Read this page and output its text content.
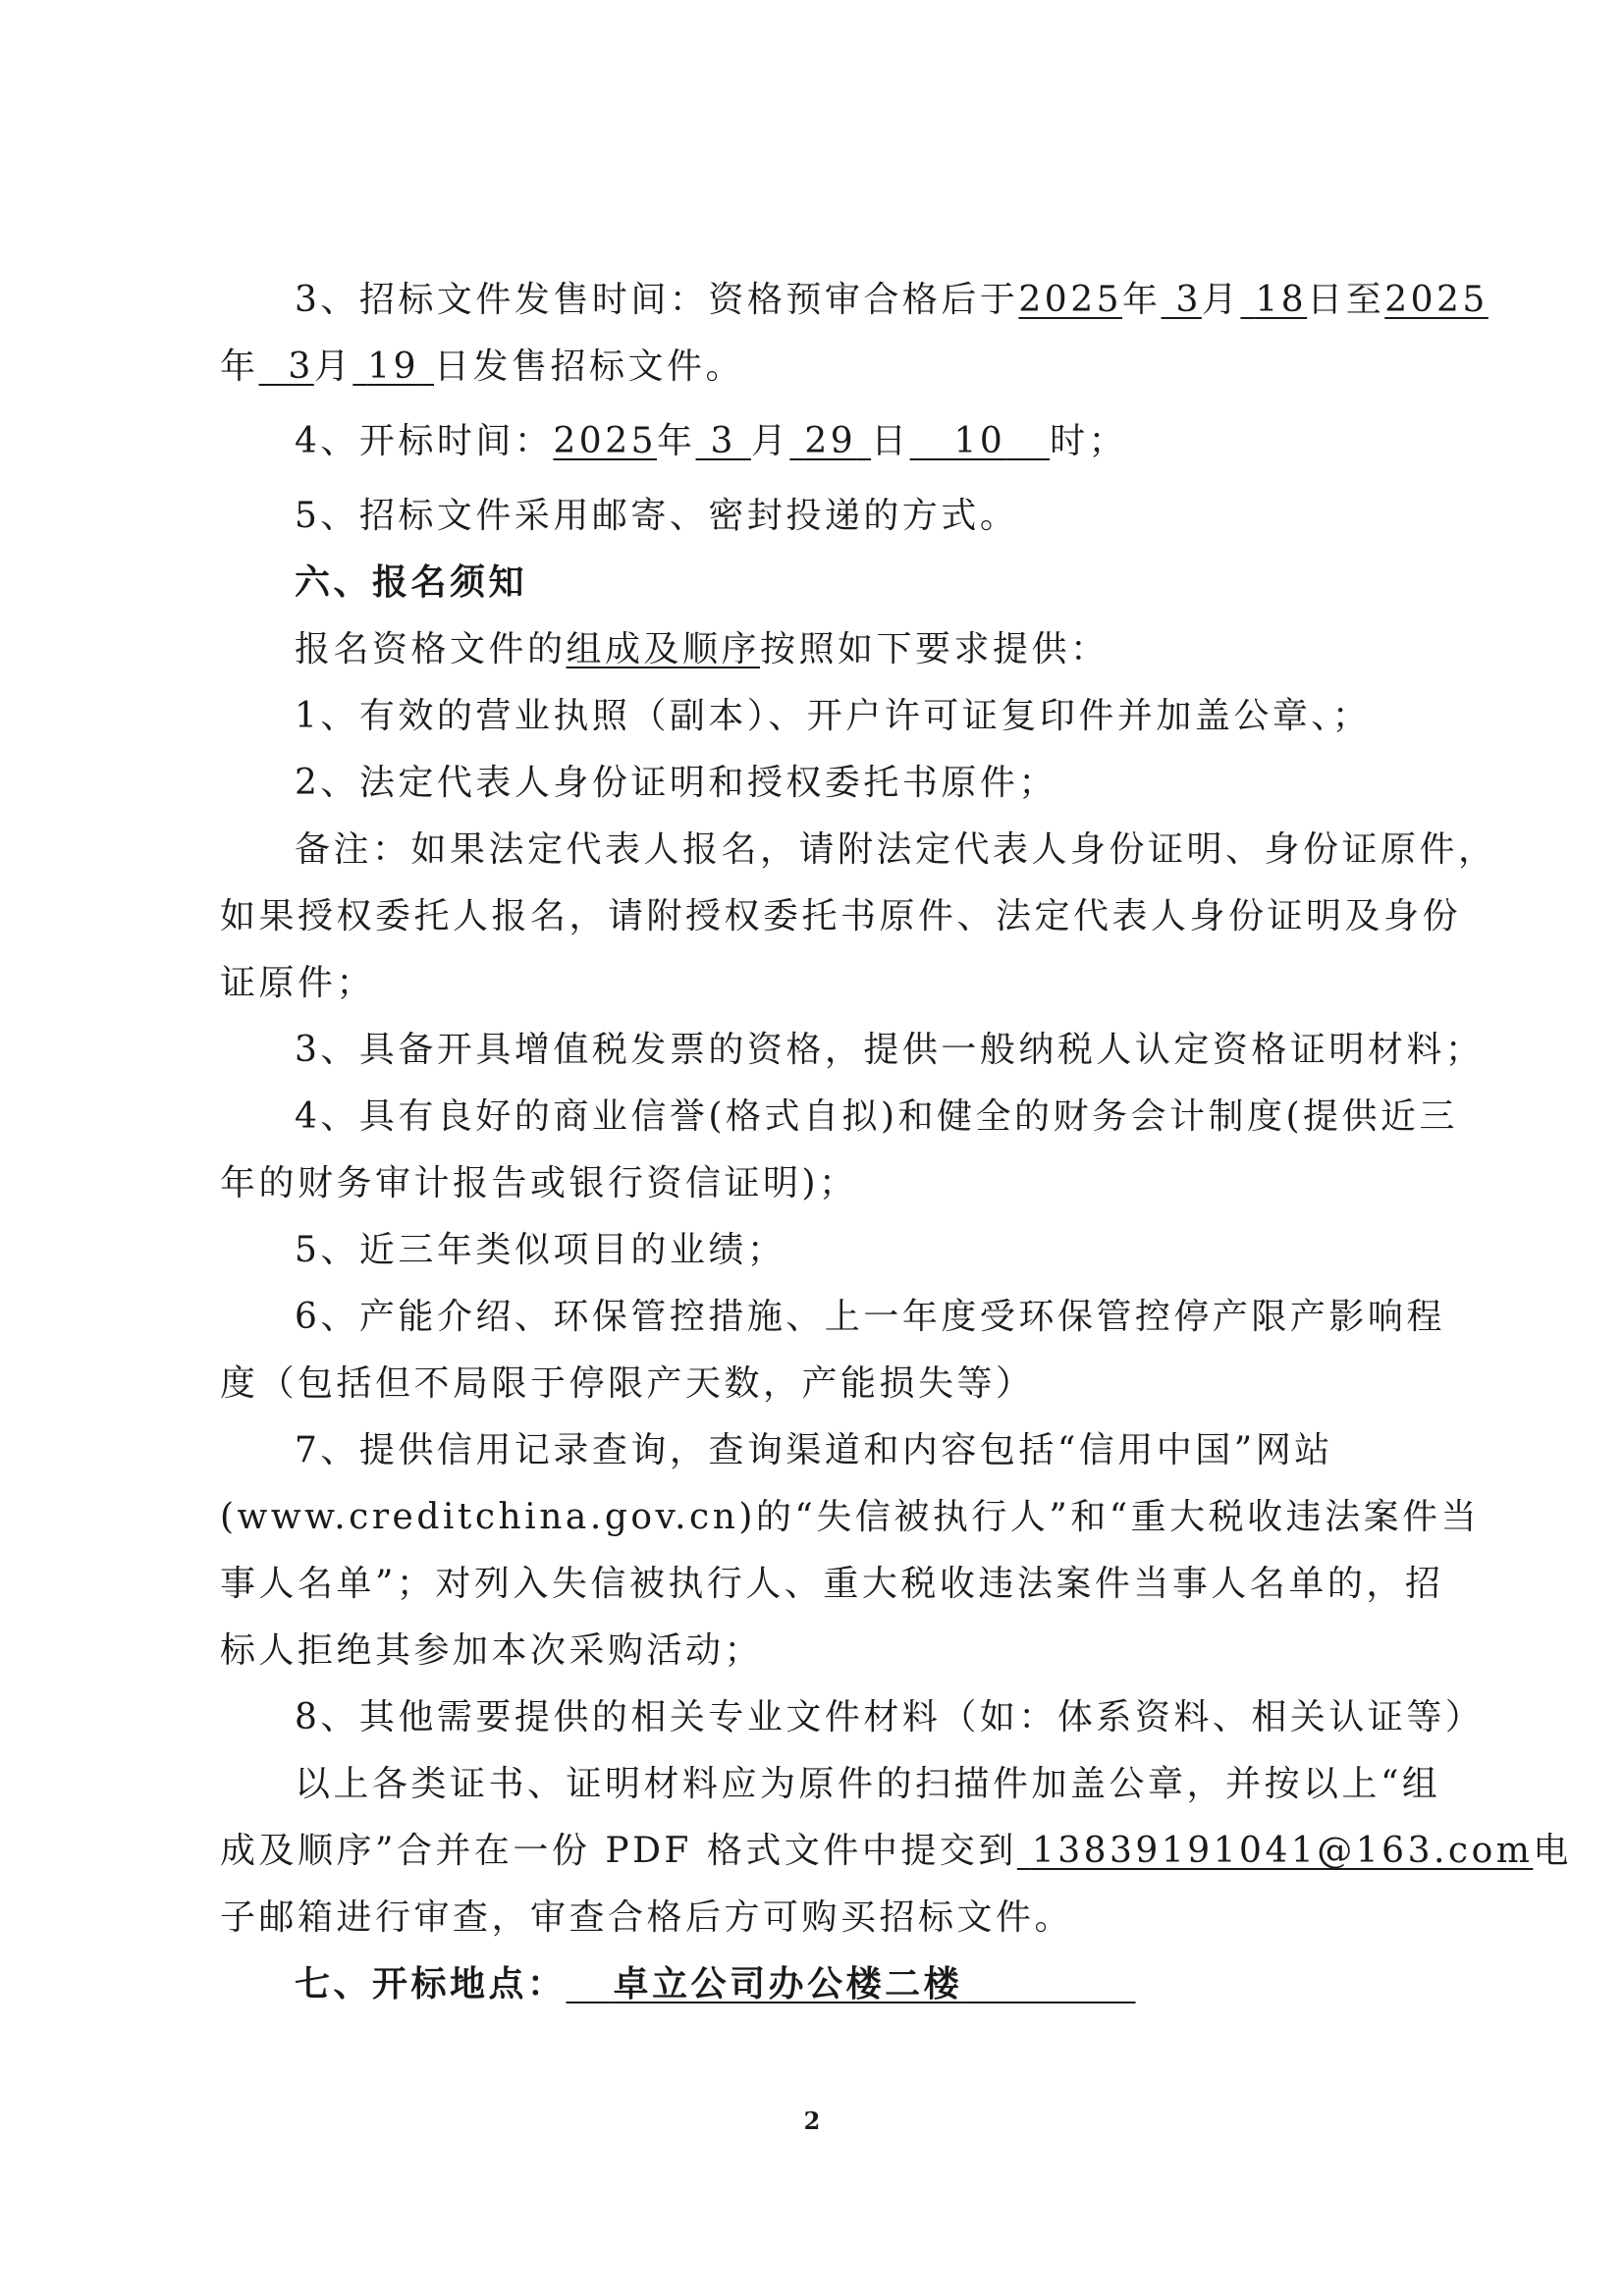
3、招标文件发售时间：资格预审合格后于2025年 3月 18日至2025

年 3月 19 日发售招标文件。

4、开标时间：2025年 3 月 29 日 10 时；

5、招标文件采用邮寄、密封投递的方式。

六、报名须知

报名资格文件的组成及顺序按照如下要求提供：

1、有效的营业执照（副本）、开户许可证复印件并加盖公章、；

2、法定代表人身份证明和授权委托书原件；

备注：如果法定代表人报名，请附法定代表人身份证明、身份证原件，

如果授权委托人报名，请附授权委托书原件、法定代表人身份证明及身份

证原件；

3、具备开具增值税发票的资格，提供一般纳税人认定资格证明材料；

4、具有良好的商业信誉(格式自拟)和健全的财务会计制度(提供近三

年的财务审计报告或银行资信证明)；

5、近三年类似项目的业绩；

6、产能介绍、环保管控措施、上一年度受环保管控停产限产影响程

度（包括但不局限于停限产天数，产能损失等）

7、提供信用记录查询，查询渠道和内容包括“信用中国”网站

(www.creditchina.gov.cn)的“失信被执行人”和“重大税收违法案件当

事人名单”；对列入失信被执行人、重大税收违法案件当事人名单的，招

标人拒绝其参加本次采购活动；

8、其他需要提供的相关专业文件材料（如：体系资料、相关认证等）

以上各类证书、证明材料应为原件的扫描件加盖公章，并按以上“组

成及顺序”合并在一份 PDF 格式文件中提交到 13839191041@163.com电

子邮箱进行审查，审查合格后方可购买招标文件。

七、开标地点： 卓立公司办公楼二楼

2
